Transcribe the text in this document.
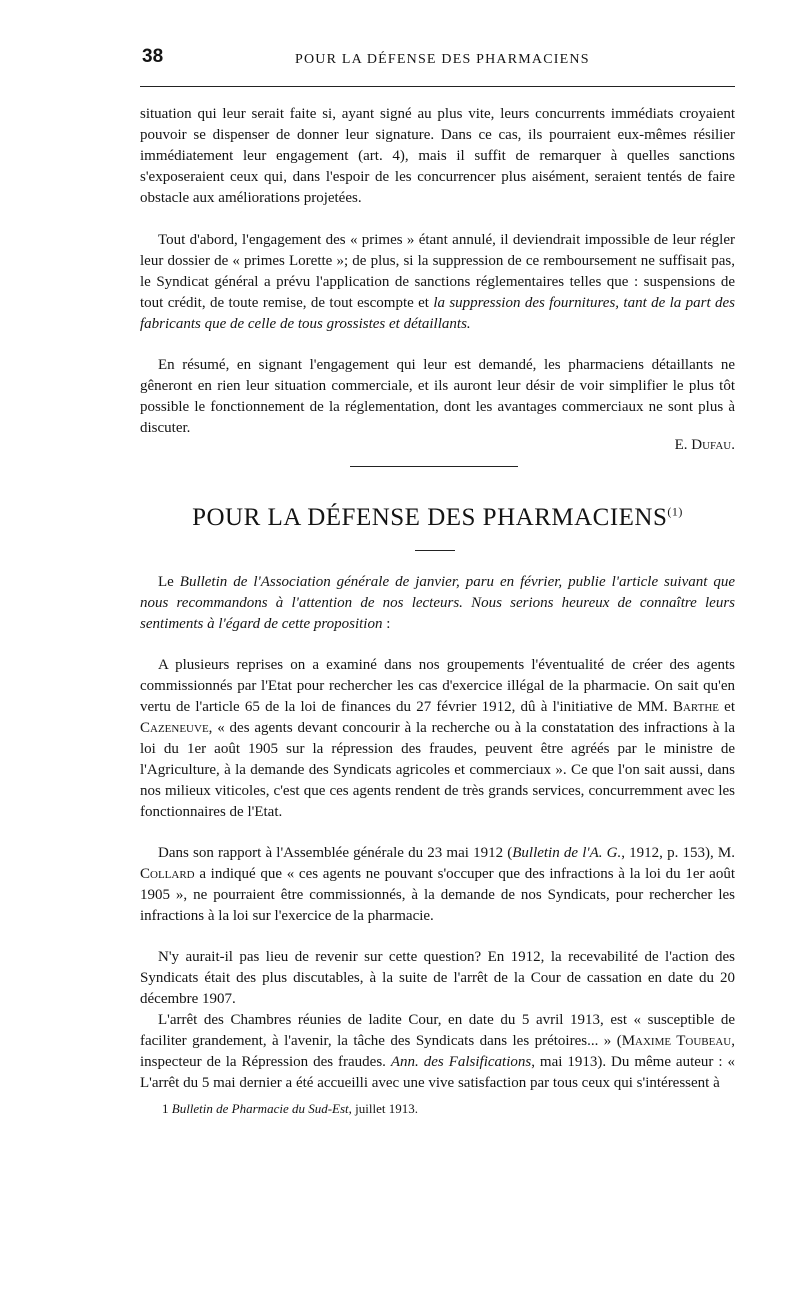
38	POUR LA DÉFENSE DES PHARMACIENS

situation qui leur serait faite si, ayant signé au plus vite, leurs concurrents immédiats croyaient pouvoir se dispenser de donner leur signature. Dans ce cas, ils pourraient eux-mêmes résilier immédiatement leur engagement (art. 4), mais il suffit de remarquer à quelles sanctions s'exposeraient ceux qui, dans l'espoir de les concurrencer plus aisément, seraient tentés de faire obstacle aux améliorations projetées.

Tout d'abord, l'engagement des « primes » étant annulé, il deviendrait impossible de leur régler leur dossier de « primes Lorette »; de plus, si la suppression de ce remboursement ne suffisait pas, le Syndicat général a prévu l'application de sanctions réglementaires telles que : suspensions de tout crédit, de toute remise, de tout escompte et la suppression des fournitures, tant de la part des fabricants que de celle de tous grossistes et détaillants.

En résumé, en signant l'engagement qui leur est demandé, les pharmaciens détaillants ne gêneront en rien leur situation commerciale, et ils auront leur désir de voir simplifier le plus tôt possible le fonctionnement de la réglementation, dont les avantages commerciaux ne sont plus à discuter.

E. Dufau.
POUR LA DÉFENSE DES PHARMACIENS$^{(1)}$

Le Bulletin de l'Association générale de janvier, paru en février, publie l'article suivant que nous recommandons à l'attention de nos lecteurs. Nous serions heureux de connaître leurs sentiments à l'égard de cette proposition :

A plusieurs reprises on a examiné dans nos groupements l'éventualité de créer des agents commissionnés par l'Etat pour rechercher les cas d'exercice illégal de la pharmacie. On sait qu'en vertu de l'article 65 de la loi de finances du 27 février 1912, dû à l'initiative de MM. Barthe et Cazeneuve, « des agents devant concourir à la recherche ou à la constatation des infractions à la loi du 1er août 1905 sur la répression des fraudes, peuvent être agréés par le ministre de l'Agriculture, à la demande des Syndicats agricoles et commerciaux ». Ce que l'on sait aussi, dans nos milieux viticoles, c'est que ces agents rendent de très grands services, concurremment avec les fonctionnaires de l'Etat.

Dans son rapport à l'Assemblée générale du 23 mai 1912 (Bulletin de l'A. G., 1912, p. 153), M. Collard a indiqué que « ces agents ne pouvant s'occuper que des infractions à la loi du 1er août 1905 », ne pourraient être commissionnés, à la demande de nos Syndicats, pour rechercher les infractions à la loi sur l'exercice de la pharmacie.

N'y aurait-il pas lieu de revenir sur cette question? En 1912, la recevabilité de l'action des Syndicats était des plus discutables, à la suite de l'arrêt de la Cour de cassation en date du 20 décembre 1907.

L'arrêt des Chambres réunies de ladite Cour, en date du 5 avril 1913, est « susceptible de faciliter grandement, à l'avenir, la tâche des Syndicats dans les prétoires... » (Maxime Toubeau, inspecteur de la Répression des fraudes. Ann. des Falsifications, mai 1913). Du même auteur : « L'arrêt du 5 mai dernier a été accueilli avec une vive satisfaction par tous ceux qui s'intéressent à

1 Bulletin de Pharmacie du Sud-Est, juillet 1913.
